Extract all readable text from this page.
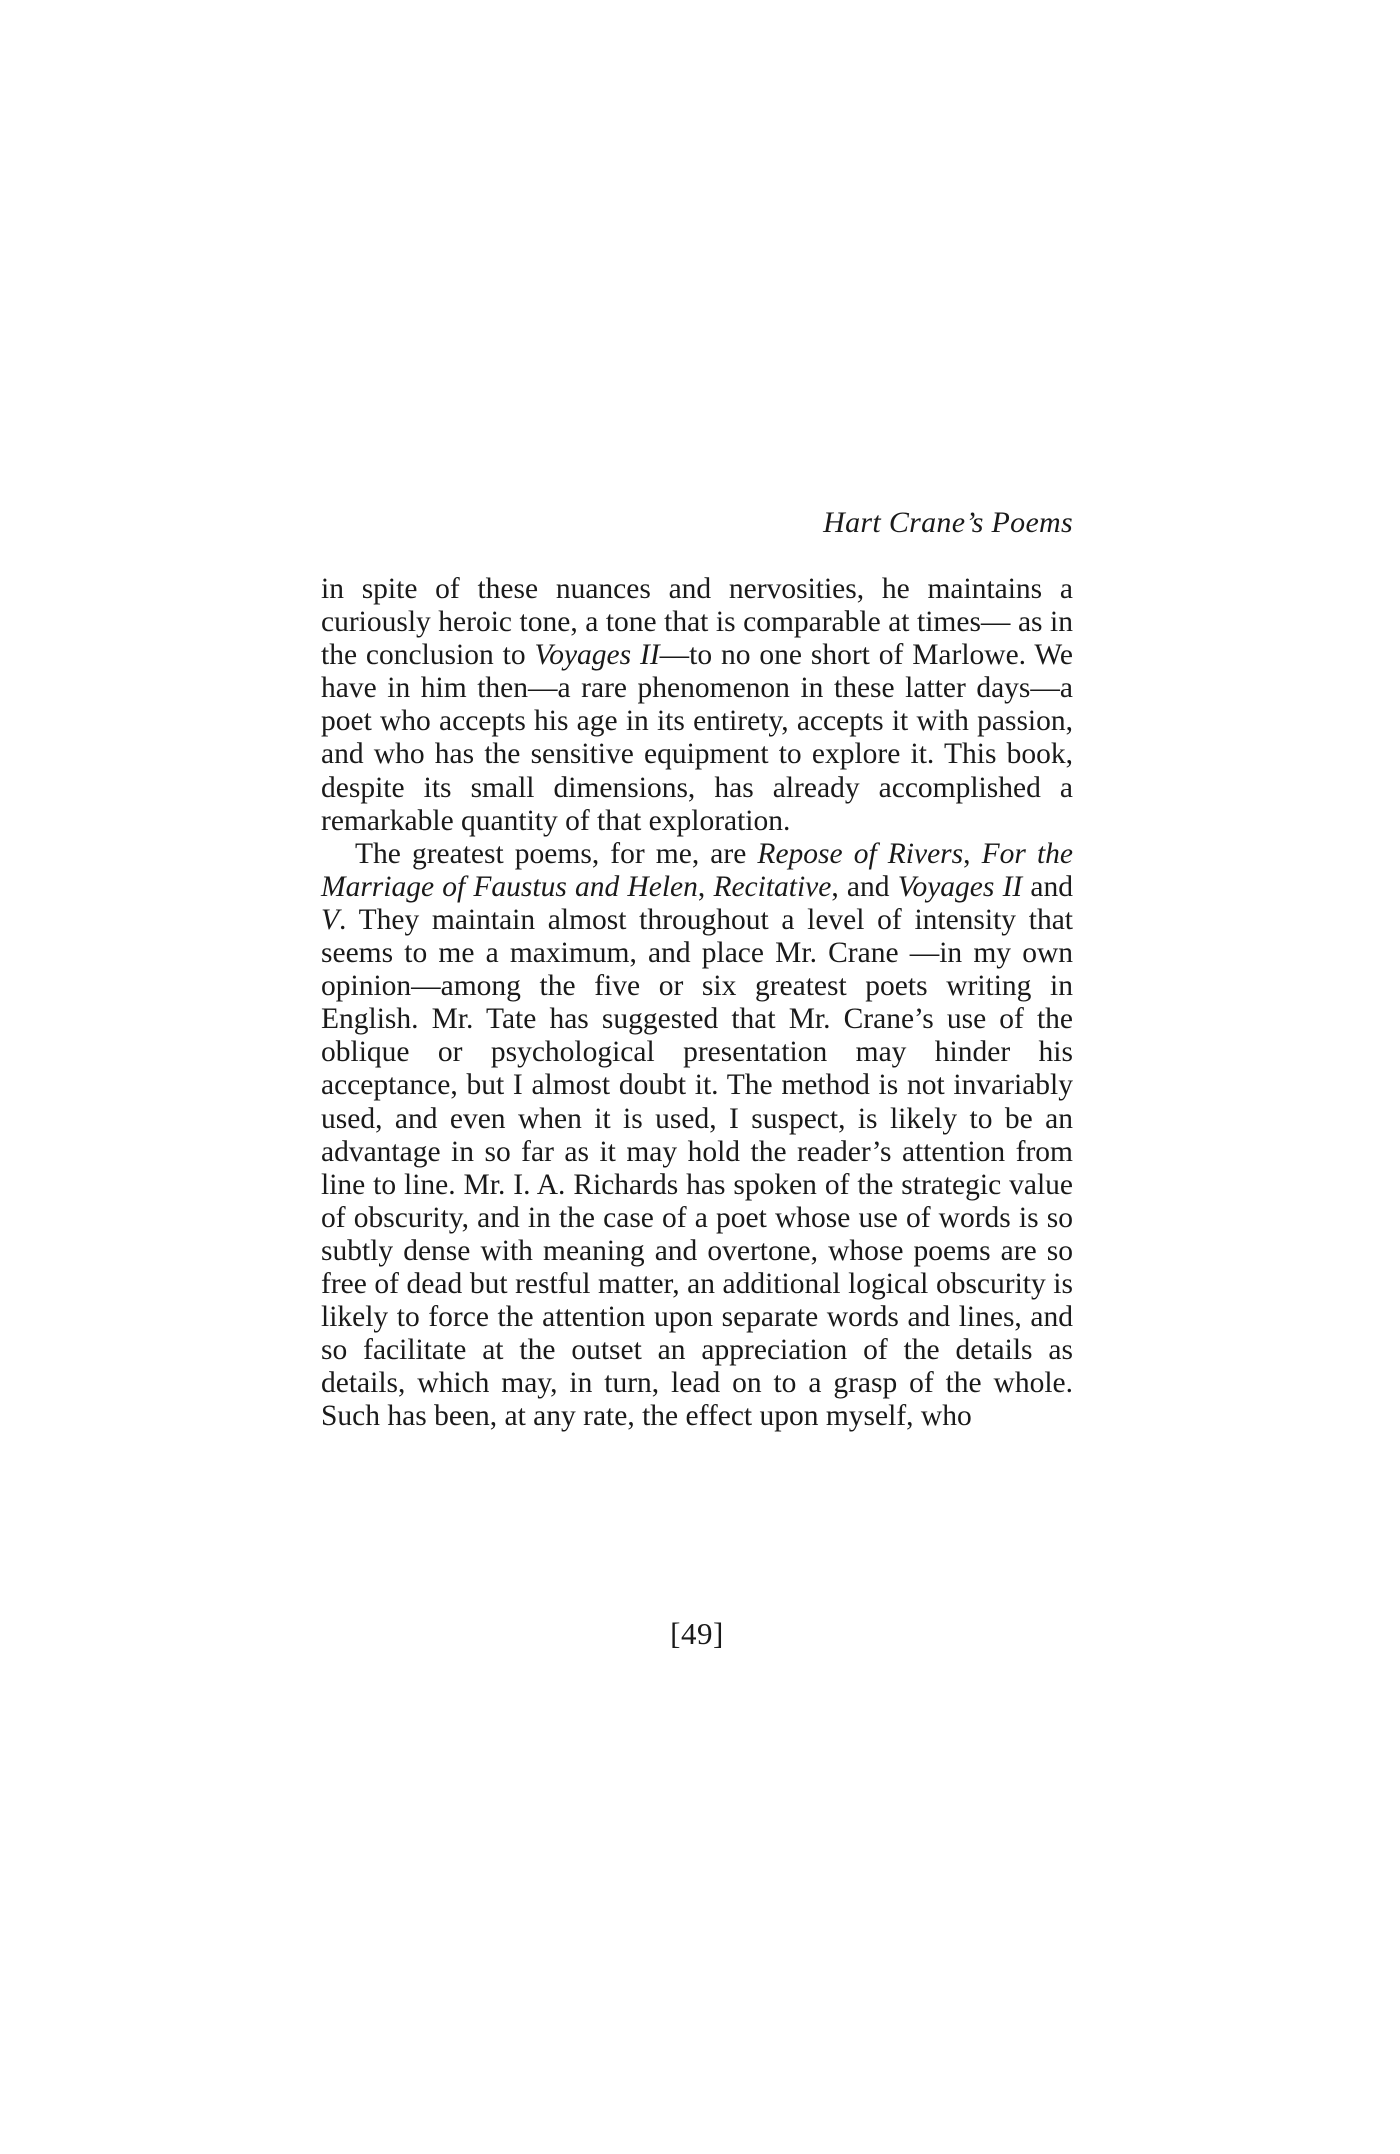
Hart Crane’s Poems

in spite of these nuances and nervosities, he maintains a curiously heroic tone, a tone that is comparable at times— as in the conclusion to Voyages II—to no one short of Marlowe. We have in him then—a rare phenomenon in these latter days—a poet who accepts his age in its entirety, accepts it with passion, and who has the sensitive equipment to explore it. This book, despite its small dimensions, has already accomplished a remarkable quantity of that exploration.

The greatest poems, for me, are Repose of Rivers, For the Marriage of Faustus and Helen, Recitative, and Voyages II and V. They maintain almost throughout a level of intensity that seems to me a maximum, and place Mr. Crane —in my own opinion—among the five or six greatest poets writing in English. Mr. Tate has suggested that Mr. Crane’s use of the oblique or psychological presentation may hinder his acceptance, but I almost doubt it. The method is not invariably used, and even when it is used, I suspect, is likely to be an advantage in so far as it may hold the reader’s attention from line to line. Mr. I. A. Richards has spoken of the strategic value of obscurity, and in the case of a poet whose use of words is so subtly dense with meaning and overtone, whose poems are so free of dead but restful matter, an additional logical obscurity is likely to force the attention upon separate words and lines, and so facilitate at the outset an appreciation of the details as details, which may, in turn, lead on to a grasp of the whole. Such has been, at any rate, the effect upon myself, who

[49]
